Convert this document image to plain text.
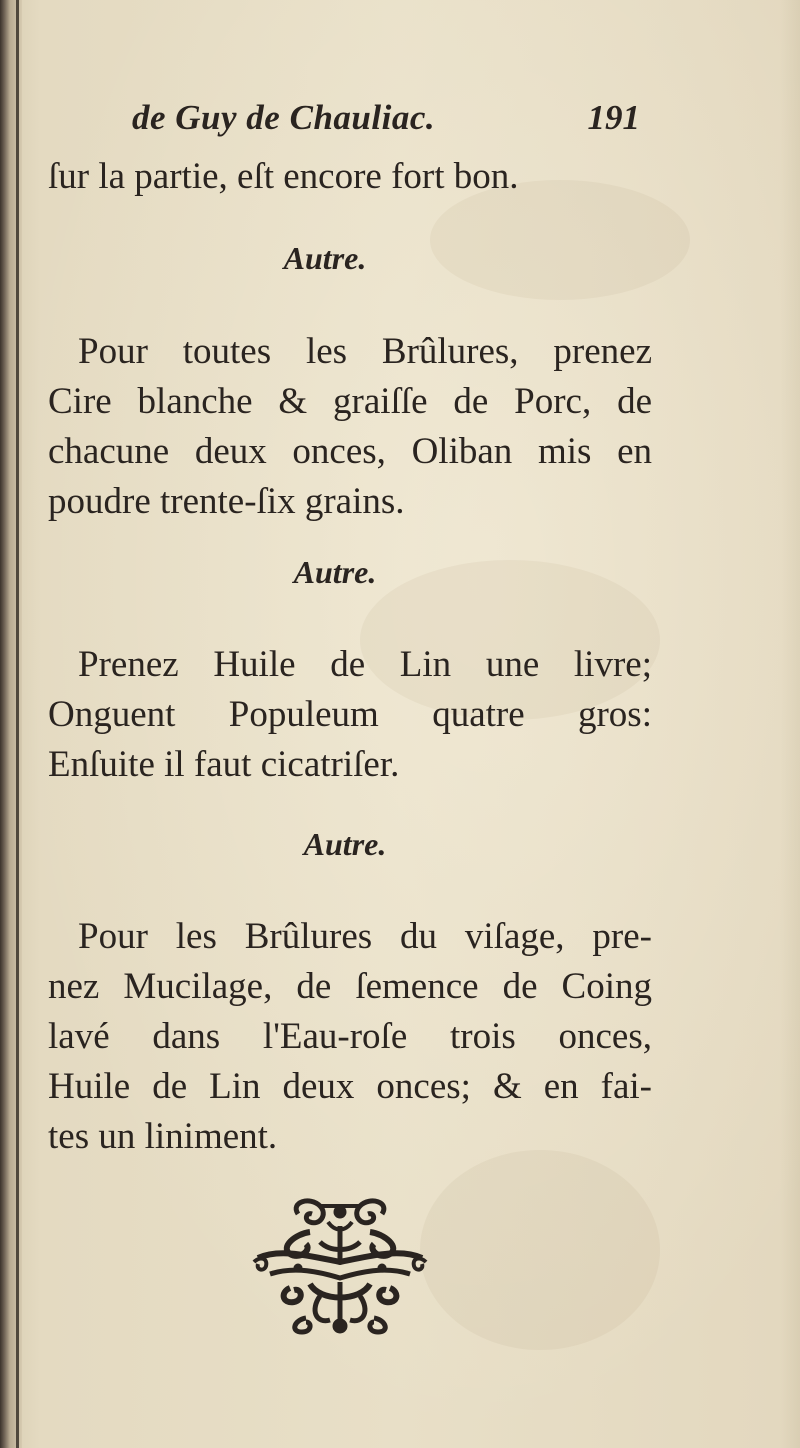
de Guy de Chauliac.	191
ſur la partie, eſt encore fort bon.
Autre.
Pour toutes les Brûlures, prenez
Cire blanche & graiſſe de Porc, de
chacune deux onces, Oliban mis en
poudre trente-ſix grains.
Autre.
Prenez Huile de Lin une livre;
Onguent Populeum quatre gros:
Enſuite il faut cicatriſer.
Autre.
Pour les Brûlures du viſage, pre-
nez Mucilage, de ſemence de Coing
lavé dans l'Eau-roſe trois onces,
Huile de Lin deux onces; & en fai-
tes un liniment.
